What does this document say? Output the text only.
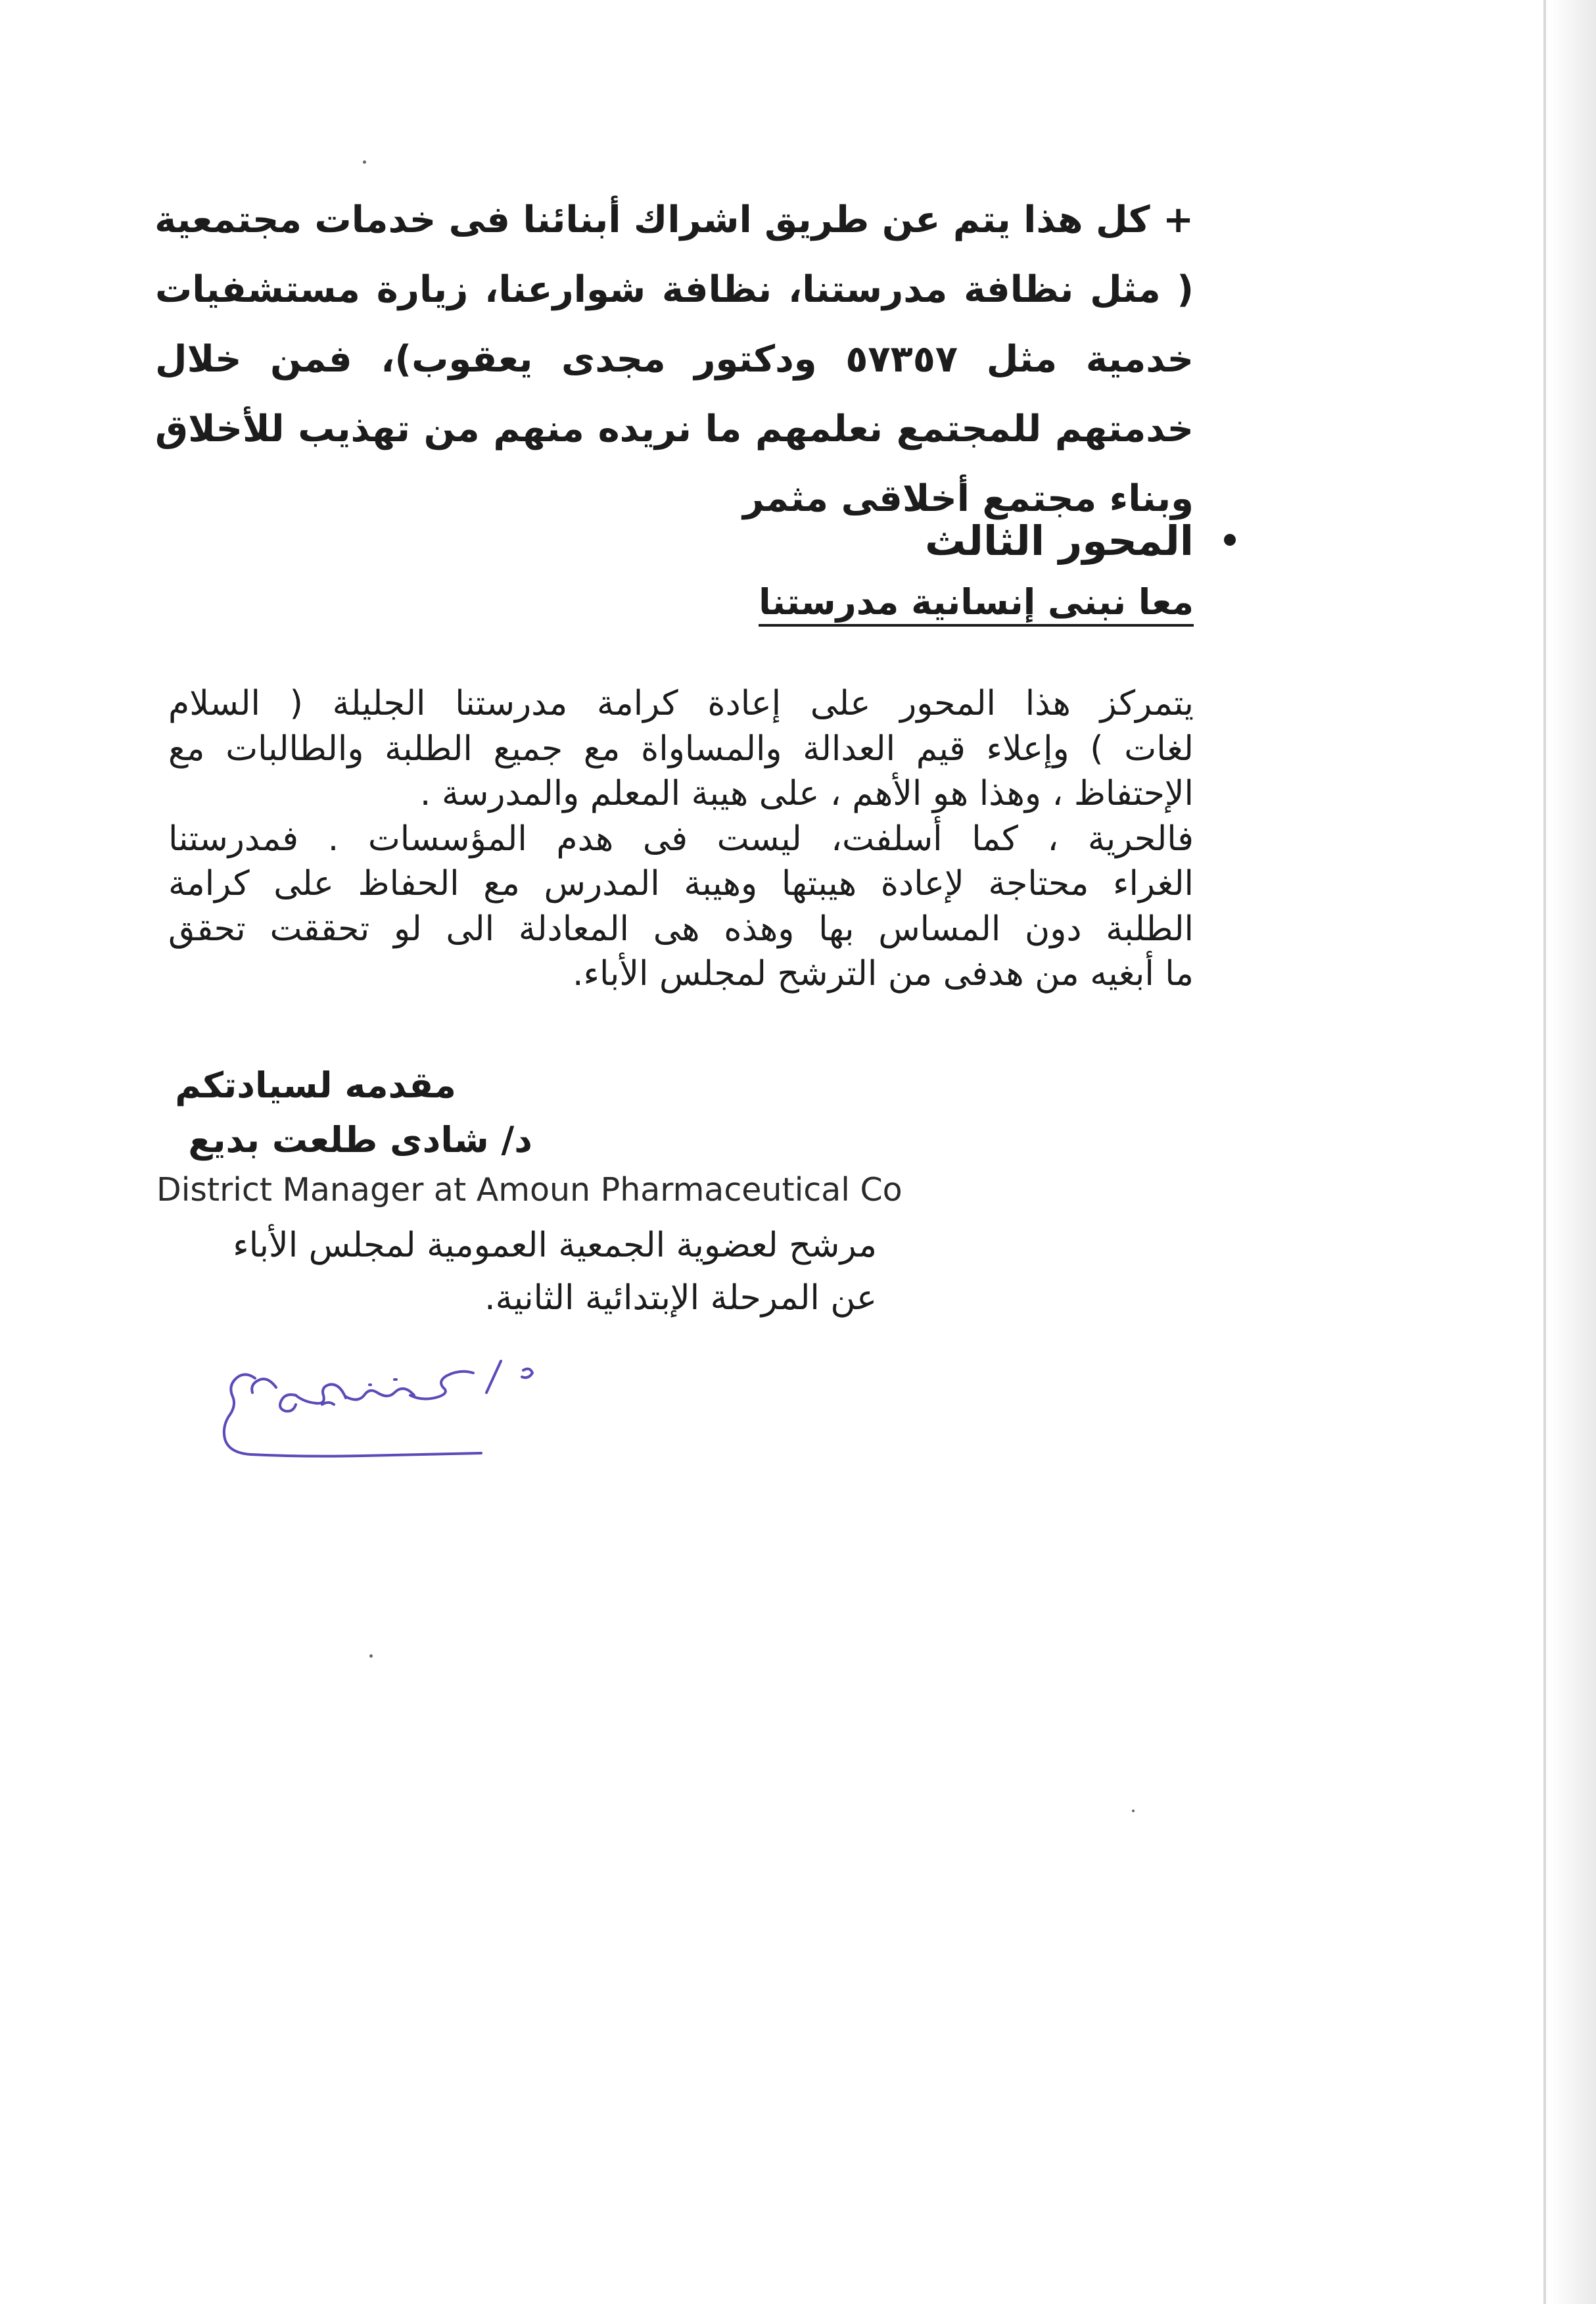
+ كل هذا يتم عن طريق اشراك أبنائنا فى خدمات مجتمعية
( مثل نظافة مدرستنا، نظافة شوارعنا، زيارة مستشفيات
خدمية مثل ٥٧٣٥٧ ودكتور مجدى يعقوب)، فمن خلال
خدمتهم للمجتمع نعلمهم ما نريده منهم من تهذيب للأخلاق
وبناء مجتمع أخلاقى مثمر
المحور الثالث
معا نبنى إنسانية مدرستنا
يتمركز هذا المحور على إعادة كرامة مدرستنا الجليلة ( السلام
لغات ) وإعلاء قيم العدالة والمساواة مع جميع الطلبة والطالبات مع
الإحتفاظ ، وهذا هو الأهم ، على هيبة المعلم والمدرسة .
فالحرية ، كما أسلفت، ليست فى هدم المؤسسات . فمدرستنا
الغراء محتاجة لإعادة هيبتها وهيبة المدرس مع الحفاظ على كرامة
الطلبة دون المساس بها وهذه هى المعادلة الى لو تحققت تحقق
ما أبغيه من هدفى من الترشح لمجلس الأباء.
مقدمه لسيادتكم
د/ شادى طلعت بديع
District Manager at Amoun Pharmaceutical Co
مرشح لعضوية الجمعية العمومية لمجلس الأباء
عن المرحلة الإبتدائية الثانية.
